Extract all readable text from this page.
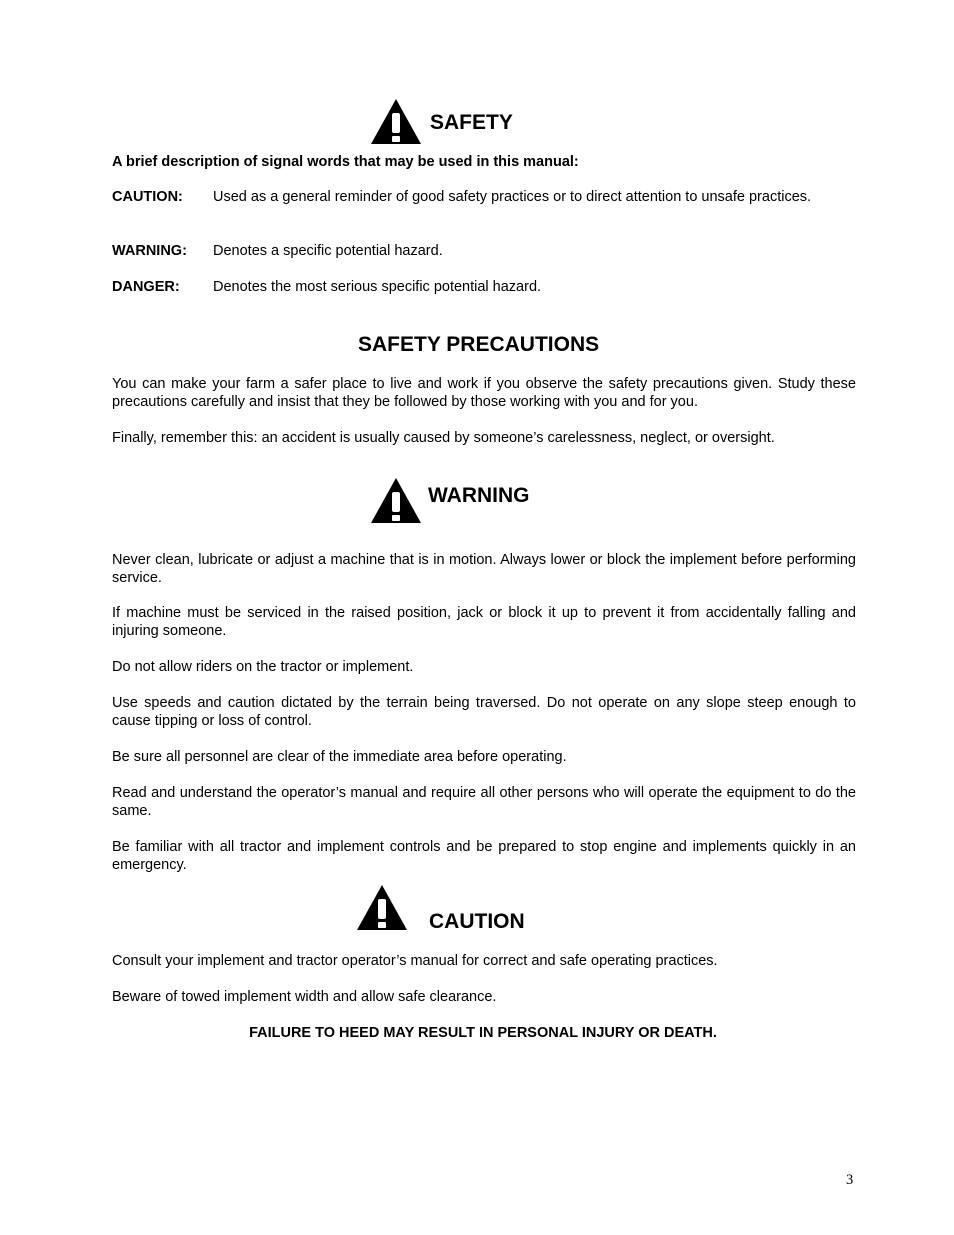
SAFETY
A brief description of signal words that may be used in this manual:
CAUTION: Used as a general reminder of good safety practices or to direct attention to unsafe practices.
WARNING: Denotes a specific potential hazard.
DANGER: Denotes the most serious specific potential hazard.
SAFETY PRECAUTIONS
You can make your farm a safer place to live and work if you observe the safety precautions given. Study these precautions carefully and insist that they be followed by those working with you and for you.
Finally, remember this: an accident is usually caused by someone’s carelessness, neglect, or oversight.
WARNING
Never clean, lubricate or adjust a machine that is in motion. Always lower or block the implement before performing service.
If machine must be serviced in the raised position, jack or block it up to prevent it from accidentally falling and injuring someone.
Do not allow riders on the tractor or implement.
Use speeds and caution dictated by the terrain being traversed. Do not operate on any slope steep enough to cause tipping or loss of control.
Be sure all personnel are clear of the immediate area before operating.
Read and understand the operator’s manual and require all other persons who will operate the equipment to do the same.
Be familiar with all tractor and implement controls and be prepared to stop engine and implements quickly in an emergency.
CAUTION
Consult your implement and tractor operator’s manual for correct and safe operating practices.
Beware of towed implement width and allow safe clearance.
FAILURE TO HEED MAY RESULT IN PERSONAL INJURY OR DEATH.
3
